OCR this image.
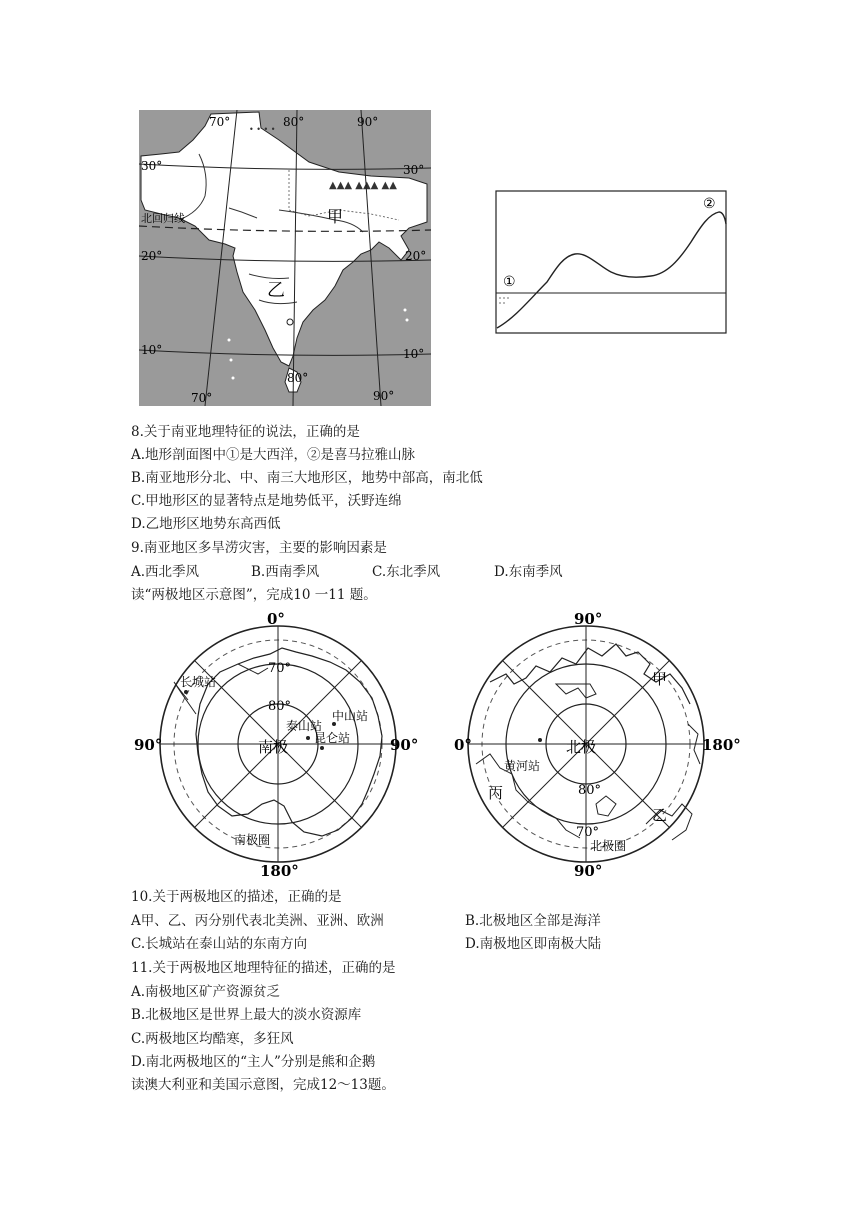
▲▲▲ ▲▲▲ ▲▲
• • • •
70°	80°	90°
70°
80°
90°
30°
20°
10°
30°
20°
10°
北回归线	甲
乙	①
②
8.关于南亚地理特征的说法，正确的是
A.地形剖面图中①是大西洋，②是喜马拉雅山脉
B.南亚地形分北、中、南三大地形区，地势中部高，南北低
C.甲地形区的显著特点是地势低平，沃野连绵
D.乙地形区地势东高西低
9.南亚地区多旱涝灾害，主要的影响因素是
A.西北季风	B.西南季风	C.东北季风	D.东南季风
读“两极地区示意图”，完成10 一11 题。
0°
90°	90°
180°
70°
80°
南极
长城站
泰山站
中山站
昆仑站
南极圈
90°
0°	180°
90°
80°
70°
北极
黄河站
甲
乙
丙
北极圈
10.关于两极地区的描述，正确的是
A甲、乙、丙分别代表北美洲、亚洲、欧洲	B.北极地区全部是海洋
C.长城站在泰山站的东南方向	D.南极地区即南极大陆
11.关于两极地区地理特征的描述，正确的是
A.南极地区矿产资源贫乏
B.北极地区是世界上最大的淡水资源库
C.两极地区均酷寒，多狂风
D.南北两极地区的“主人”分别是熊和企鹅
读澳大利亚和美国示意图，完成12～13题。
